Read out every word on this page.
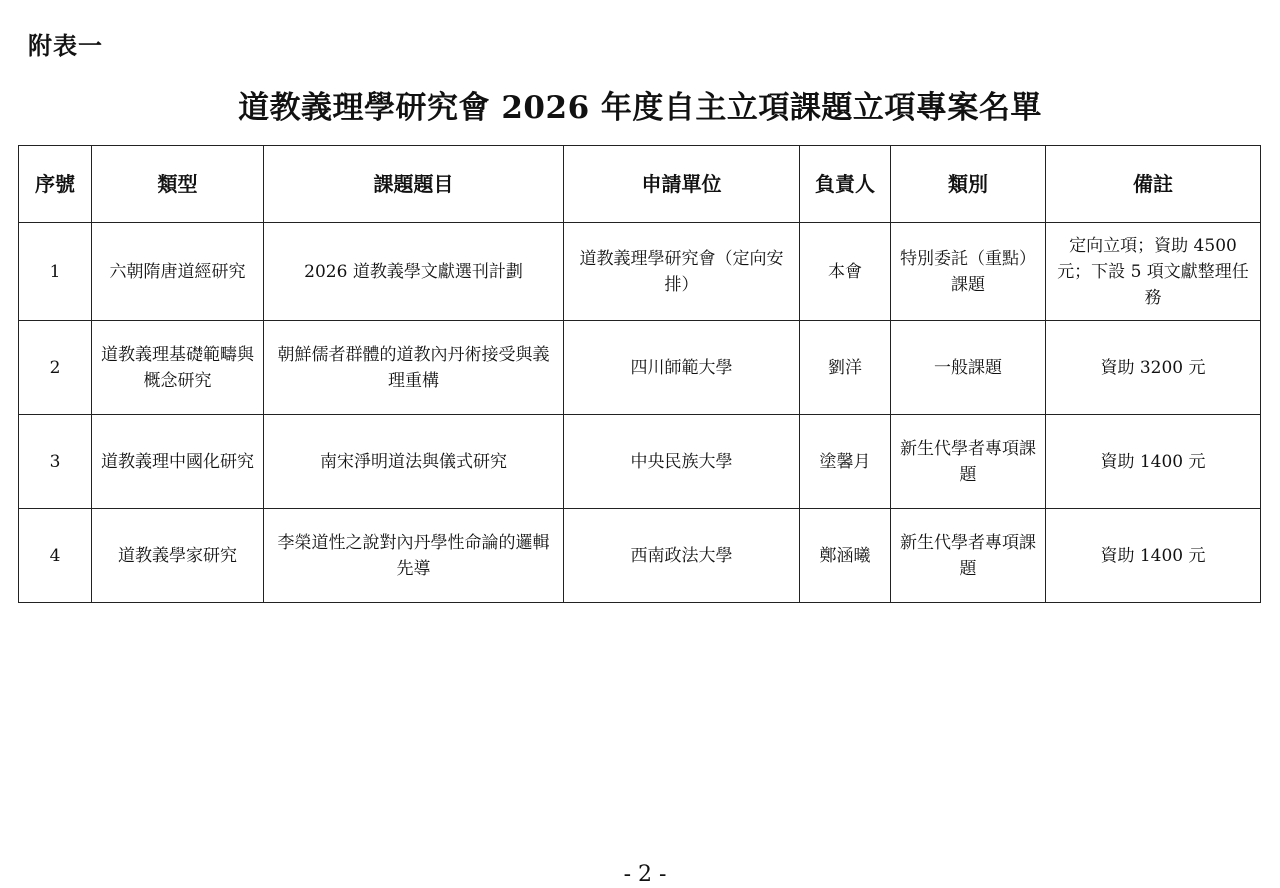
附表一
道教義理學研究會 2026 年度自主立項課題立項專案名單
序號	類型	課題題目	申請單位	負責人	類別	備註
1	六朝隋唐道經研究	2026 道教義學文獻選刊計劃	道教義理學研究會（定向安排）	本會	特別委託（重點）課題	定向立項；資助 4500 元；下設 5 項文獻整理任務
2	道教義理基礎範疇與概念研究	朝鮮儒者群體的道教內丹術接受與義理重構	四川師範大學	劉洋	一般課題	資助 3200 元
3	道教義理中國化研究	南宋淨明道法與儀式研究	中央民族大學	塗馨月	新生代學者專項課題	資助 1400 元
4	道教義學家研究	李榮道性之說對內丹學性命論的邏輯先導	西南政法大學	鄭涵曦	新生代學者專項課題	資助 1400 元
- 2 -
